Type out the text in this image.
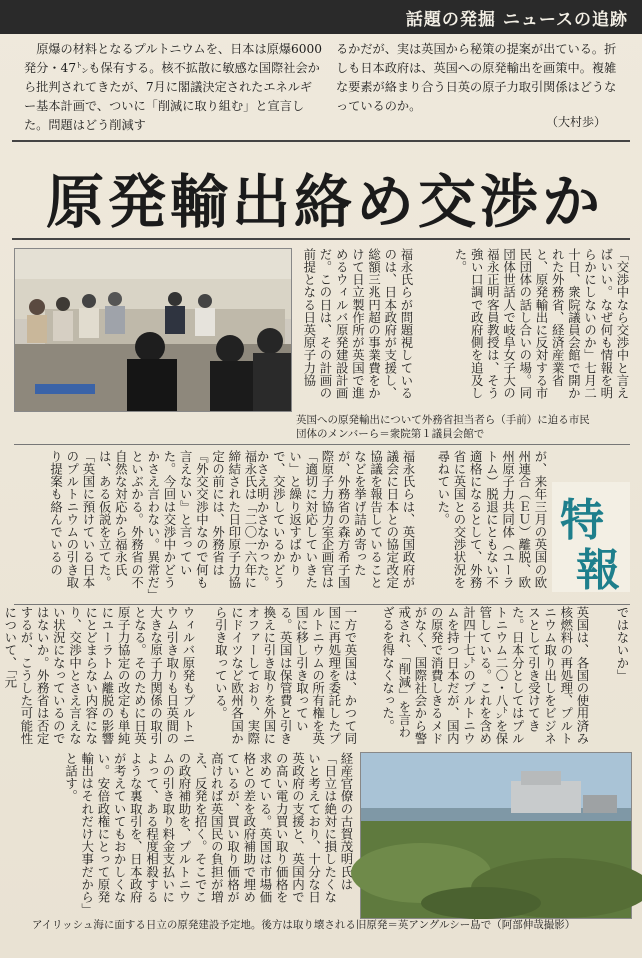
話題の発掘 ニュースの追跡
原爆の材料となるプルトニウムを、日本は原爆6000発分・47㌧も保有する。核不拡散に敏感な国際社会から批判されてきたが、7月に閣議決定されたエネルギー基本計画で、ついに「削減に取り組む」と宣言した。問題はどう削減す
るかだが、実は英国から秘策の提案が出ている。折しも日本政府は、英国への原発輸出を画策中。複雑な要素が絡まり合う日英の原子力取引関係はどうなっているのか。
（大村歩）
原発輸出絡め交渉か
英国への原発輸出について外務省担当者ら（手前）に迫る市民団体のメンバーら＝衆院第１議員会館で
「交渉中なら交渉中と言えばいい。なぜ何も情報を明らかにしないのか」七月二十日、衆院議員会館で開かれた外務省、経済産業省と、原発輸出に反対する市民団体の話し合いの場。同団体世話人で岐阜女子大の福永正明客員教授は、そう強い口調で政府側を追及した。
福永氏らが問題視しているのは、日本政府が支援し、総額三兆円超の事業費をかけて日立製作所が英国で進めるウィルバ原発建設計画だ。この日は、その計画の前提となる日英原子力協
特
報
が、来年三月の英国の欧州連合（ＥＵ）離脱、欧州原子力共同体（ユーラトム）脱退にともない不適格になるとして、外務省に英国との交渉状況を尋ねていた。
福永氏らは、英国政府が議会に日本との協定改定協議を報告していることなどを挙げ詰め寄ったが、外務省の森方希子国際原子力協力室企画官は「適切に対応していきたい」と繰り返すばかりで、交渉しているかどうかさえ明かさなかった。
福永氏は「二〇一六年に締結された日印原子力協定の前には、外務省は『外交交渉中なので何も言えない』と言っていた。今回は交渉中かどうかさえ言わない。異常だ」といぶかる。外務省の不自然な対応から福永氏は、ある仮説を立てた。「英国に預けている日本のプルトニウムの引き取り提案も絡んでいるの
ではないか」
英国は、各国の使用済み核燃料の再処理、プルトニウム取り出しをビジネスとして引き受けてきた。日本分としてはプルトニウム二〇・八㌧を保管している。これを含め計四十七㌧のプルトニウムを持つ日本だが、国内の原発で消費しきるメドがなく、国際社会から警戒され、「削減」を言わざるを得なくなった。
一方で英国は、かつて同国に再処理を委託したプルトニウムの所有権を英国に移し引き取っている。英国は保管費と引き換えに引き取りを外国にオファーしており、実際にドイツなど欧州各国から引き取っている。
ウィルバ原発もプルトニウム引き取りも日英間の大きな原子力関係の取引となる。そのために日英原子力協定の改定も単純にユーラトム離脱の影響にとどまらない内容になり、交渉中とさえ言えない状況になっているのではないか。外務省は否定するが、こうした可能性について、「元
経産官僚の古賀茂明氏は「日立は絶対に損したくないと考えており、十分な日英政府の支援と、英国内での高い電力買い取り価格を求めている。英国は市場価格との差を政府補助で埋めているが、買い取り価格が高ければ英国民の負担が増え、反発を招く。そこでこの政府補助を、プルトニウムの引き取り料金支払いによって、ある程度相殺するような裏取引を、日本政府が考えていてもおかしくない。安倍政権にとって原発輸出はそれだけ大事だから」と話す。
アイリッシュ海に面する日立の原発建設予定地。後方は取り壊される旧原発＝英アングルシー島で（阿部伸哉撮影）
